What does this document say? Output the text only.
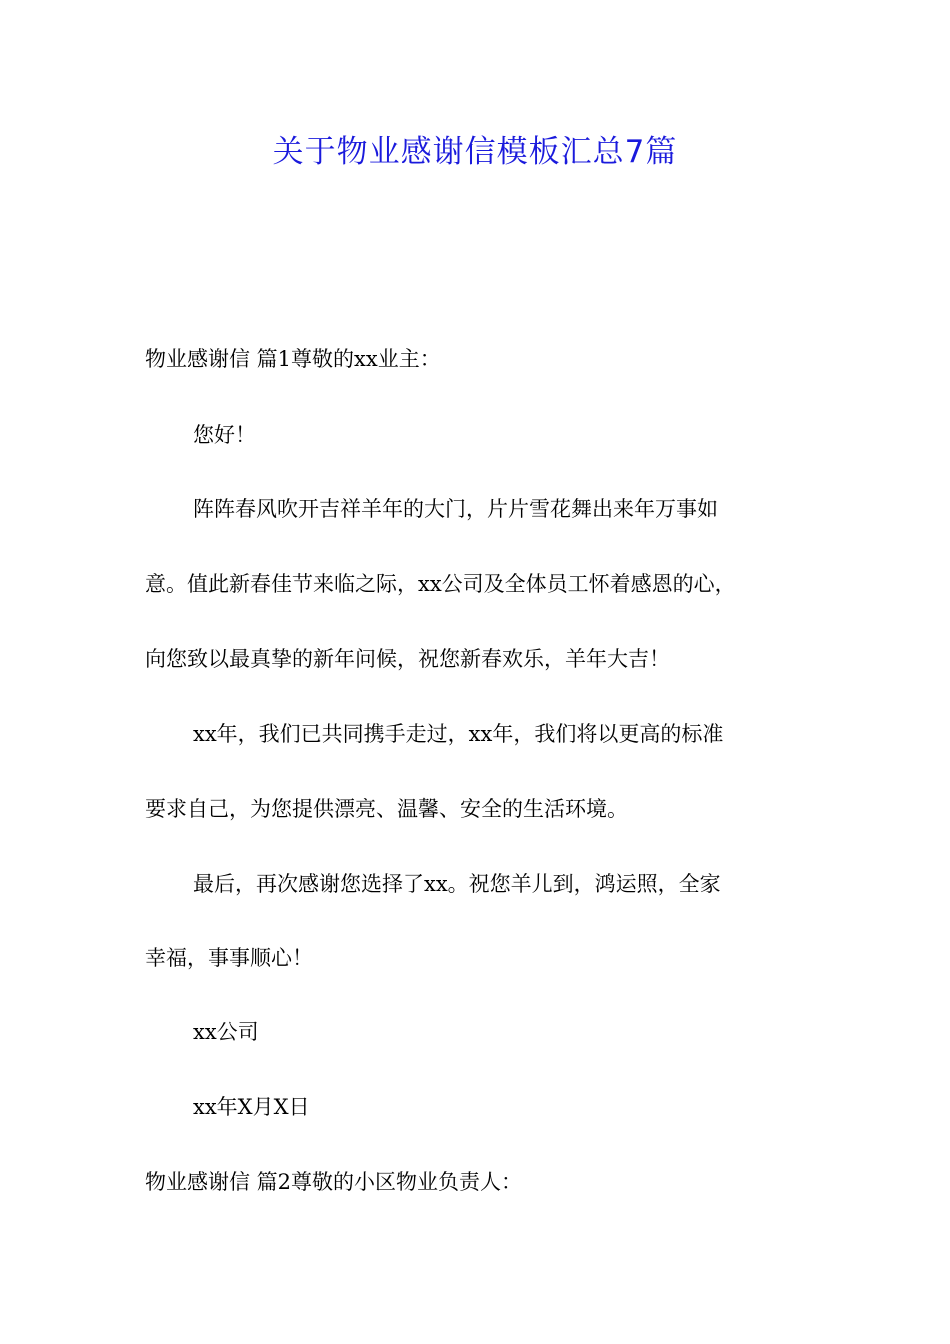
关于物业感谢信模板汇总7篇

物业感谢信 篇1尊敬的xx业主：

您好！

阵阵春风吹开吉祥羊年的大门，片片雪花舞出来年万事如

意。值此新春佳节来临之际，xx公司及全体员工怀着感恩的心，

向您致以最真挚的新年问候，祝您新春欢乐，羊年大吉！

xx年，我们已共同携手走过，xx年，我们将以更高的标准

要求自己，为您提供漂亮、温馨、安全的生活环境。

最后，再次感谢您选择了xx。祝您羊儿到，鸿运照，全家

幸福，事事顺心！

xx公司

xx年X月X日

物业感谢信 篇2尊敬的小区物业负责人：
